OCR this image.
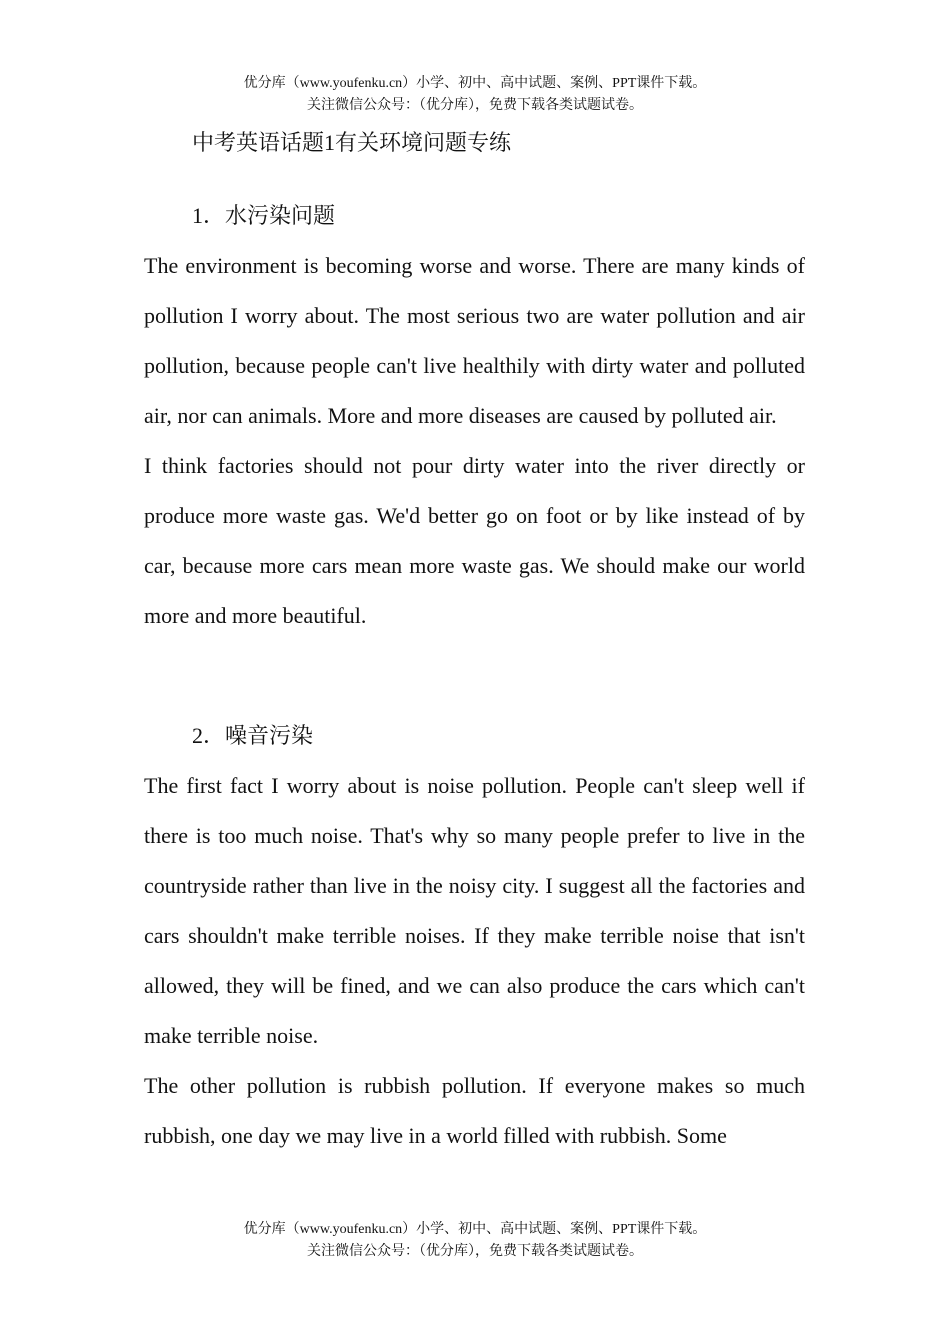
优分库（www.youfenku.cn）小学、初中、高中试题、案例、PPT课件下载。
关注微信公众号：（优分库），免费下载各类试题试卷。
中考英语话题1有关环境问题专练
1．水污染问题

The environment is becoming worse and worse. There are many kinds of pollution I worry about. The most serious two are water pollution and air pollution, because people can't live healthily with dirty water and polluted air, nor can animals. More and more diseases are caused by polluted air.

I think factories should not pour dirty water into the river directly or produce more waste gas. We'd better go on foot or by like instead of by car, because more cars mean more waste gas. We should make our world more and more beautiful.

2．噪音污染

The first fact I worry about is noise pollution. People can't sleep well if there is too much noise. That's why so many people prefer to live in the countryside rather than live in the noisy city. I suggest all the factories and cars shouldn't make terrible noises. If they make terrible noise that isn't allowed, they will be fined, and we can also produce the cars which can't make terrible noise.

The other pollution is rubbish pollution. If everyone makes so much rubbish, one day we may live in a world filled with rubbish. Some

优分库（www.youfenku.cn）小学、初中、高中试题、案例、PPT课件下载。
关注微信公众号：（优分库），免费下载各类试题试卷。
